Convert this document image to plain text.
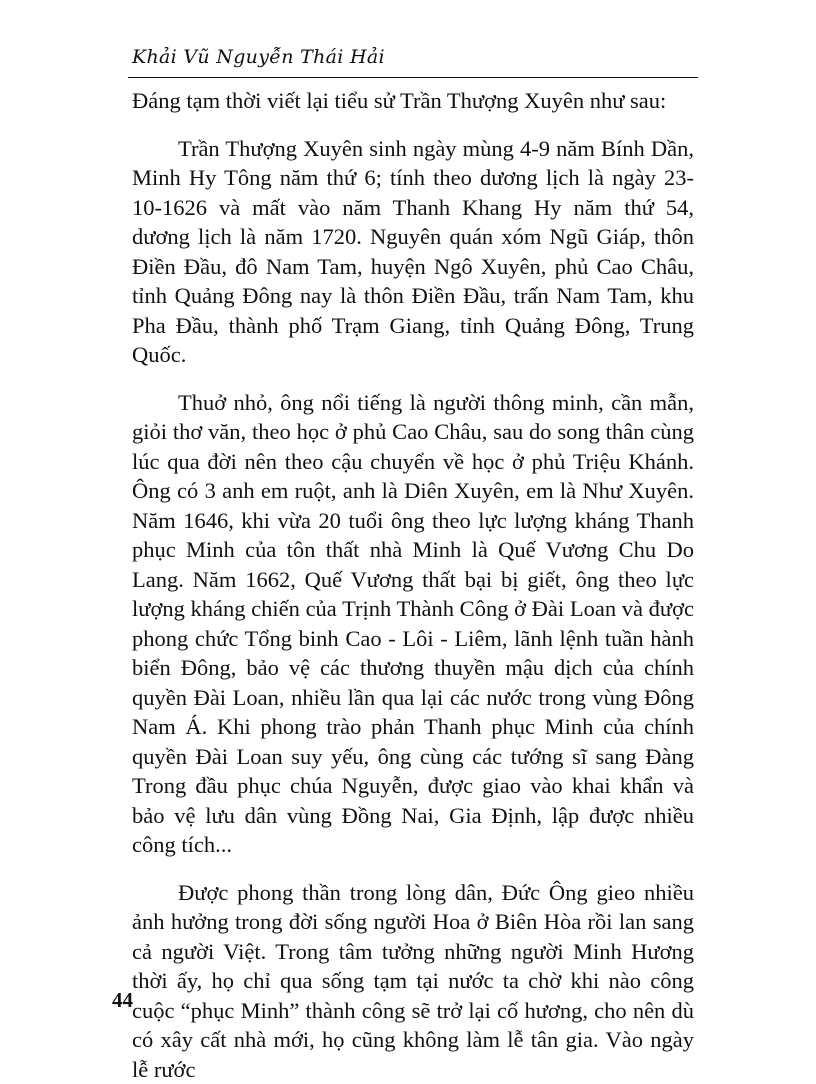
Khải Vũ Nguyễn Thái Hải

Đáng tạm thời viết lại tiểu sử Trần Thượng Xuyên như sau:

Trần Thượng Xuyên sinh ngày mùng 4-9 năm Bính Dần, Minh Hy Tông năm thứ 6; tính theo dương lịch là ngày 23-10-1626 và mất vào năm Thanh Khang Hy năm thứ 54, dương lịch là năm 1720. Nguyên quán xóm Ngũ Giáp, thôn Điền Đầu, đô Nam Tam, huyện Ngô Xuyên, phủ Cao Châu, tỉnh Quảng Đông nay là thôn Điền Đầu, trấn Nam Tam, khu Pha Đầu, thành phố Trạm Giang, tỉnh Quảng Đông, Trung Quốc.

Thuở nhỏ, ông nổi tiếng là người thông minh, cần mẫn, giỏi thơ văn, theo học ở phủ Cao Châu, sau do song thân cùng lúc qua đời nên theo cậu chuyển về học ở phủ Triệu Khánh. Ông có 3 anh em ruột, anh là Diên Xuyên, em là Như Xuyên. Năm 1646, khi vừa 20 tuổi ông theo lực lượng kháng Thanh phục Minh của tôn thất nhà Minh là Quế Vương Chu Do Lang. Năm 1662, Quế Vương thất bại bị giết, ông theo lực lượng kháng chiến của Trịnh Thành Công ở Đài Loan và được phong chức Tổng binh Cao - Lôi - Liêm, lãnh lệnh tuần hành biển Đông, bảo vệ các thương thuyền mậu dịch của chính quyền Đài Loan, nhiều lần qua lại các nước trong vùng Đông Nam Á. Khi phong trào phản Thanh phục Minh của chính quyền Đài Loan suy yếu, ông cùng các tướng sĩ sang Đàng Trong đầu phục chúa Nguyễn, được giao vào khai khẩn và bảo vệ lưu dân vùng Đồng Nai, Gia Định, lập được nhiều công tích...

Được phong thần trong lòng dân, Đức Ông gieo nhiều ảnh hưởng trong đời sống người Hoa ở Biên Hòa rồi lan sang cả người Việt. Trong tâm tưởng những người Minh Hương thời ấy, họ chỉ qua sống tạm tại nước ta chờ khi nào công cuộc “phục Minh” thành công sẽ trở lại cố hương, cho nên dù có xây cất nhà mới, họ cũng không làm lễ tân gia. Vào ngày lễ rước

44
